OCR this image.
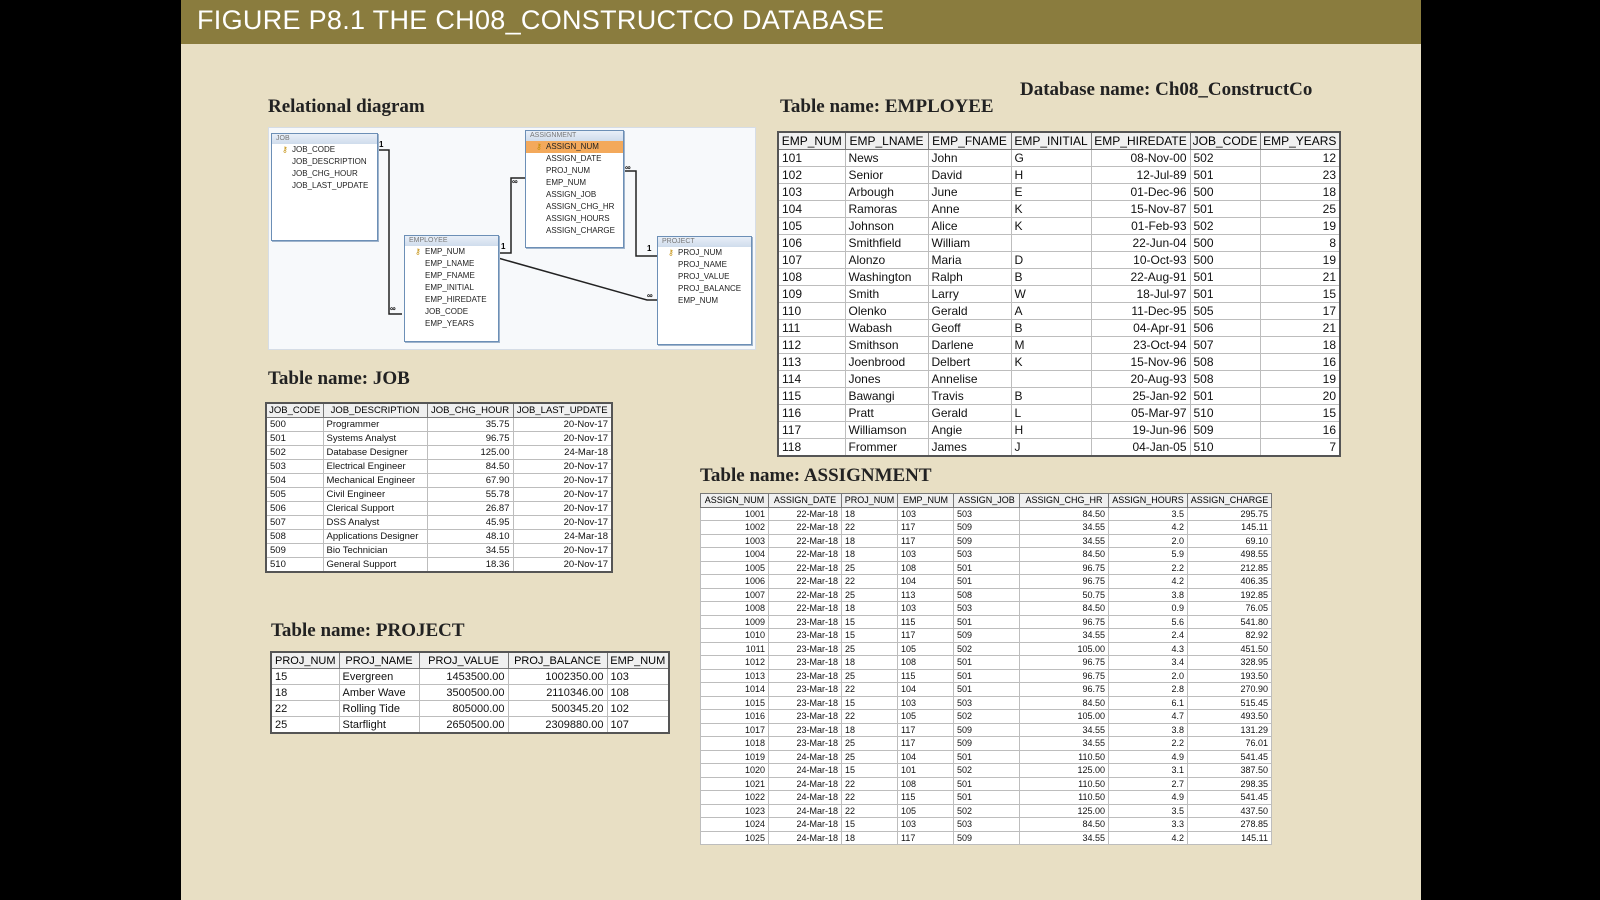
FIGURE P8.1 THE CH08_CONSTRUCTCO DATABASE
Relational diagram	Table name: EMPLOYEE
Database name: Ch08_ConstructCo
Table name: JOB
Table name: PROJECT
Table name: ASSIGNMENT
1
∞
1
∞
∞
1
∞
JOB
⚷ JOB_CODE
JOB_DESCRIPTION
JOB_CHG_HOUR
JOB_LAST_UPDATE
ASSIGNMENT
⚷ ASSIGN_NUM
ASSIGN_DATE
PROJ_NUM
EMP_NUM
ASSIGN_JOB
ASSIGN_CHG_HR
ASSIGN_HOURS
ASSIGN_CHARGE
EMPLOYEE
⚷ EMP_NUM
EMP_LNAME
EMP_FNAME
EMP_INITIAL
EMP_HIREDATE
JOB_CODE
EMP_YEARS
PROJECT
⚷ PROJ_NUM
PROJ_NAME
PROJ_VALUE
PROJ_BALANCE
EMP_NUM
EMP_NUM	EMP_LNAME	EMP_FNAME	EMP_INITIAL	EMP_HIREDATE	JOB_CODE	EMP_YEARS
101	News	John	G	08-Nov-00	502	12
102	Senior	David	H	12-Jul-89	501	23
103	Arbough	June	E	01-Dec-96	500	18
104	Ramoras	Anne	K	15-Nov-87	501	25
105	Johnson	Alice	K	01-Feb-93	502	19
106	Smithfield	William		22-Jun-04	500	8
107	Alonzo	Maria	D	10-Oct-93	500	19
108	Washington	Ralph	B	22-Aug-91	501	21
109	Smith	Larry	W	18-Jul-97	501	15
110	Olenko	Gerald	A	11-Dec-95	505	17
111	Wabash	Geoff	B	04-Apr-91	506	21
112	Smithson	Darlene	M	23-Oct-94	507	18
113	Joenbrood	Delbert	K	15-Nov-96	508	16
114	Jones	Annelise		20-Aug-93	508	19
115	Bawangi	Travis	B	25-Jan-92	501	20
116	Pratt	Gerald	L	05-Mar-97	510	15
117	Williamson	Angie	H	19-Jun-96	509	16
118	Frommer	James	J	04-Jan-05	510	7
JOB_CODE	JOB_DESCRIPTION	JOB_CHG_HOUR	JOB_LAST_UPDATE
500	Programmer	35.75	20-Nov-17
501	Systems Analyst	96.75	20-Nov-17
502	Database Designer	125.00	24-Mar-18
503	Electrical Engineer	84.50	20-Nov-17
504	Mechanical Engineer	67.90	20-Nov-17
505	Civil Engineer	55.78	20-Nov-17
506	Clerical Support	26.87	20-Nov-17
507	DSS Analyst	45.95	20-Nov-17
508	Applications Designer	48.10	24-Mar-18
509	Bio Technician	34.55	20-Nov-17
510	General Support	18.36	20-Nov-17
PROJ_NUM	PROJ_NAME	PROJ_VALUE	PROJ_BALANCE	EMP_NUM
15	Evergreen	1453500.00	1002350.00	103
18	Amber Wave	3500500.00	2110346.00	108
22	Rolling Tide	805000.00	500345.20	102
25	Starflight	2650500.00	2309880.00	107
ASSIGN_NUM	ASSIGN_DATE	PROJ_NUM	EMP_NUM	ASSIGN_JOB	ASSIGN_CHG_HR	ASSIGN_HOURS	ASSIGN_CHARGE
1001	22-Mar-18	18	103	503	84.50	3.5	295.75
1002	22-Mar-18	22	117	509	34.55	4.2	145.11
1003	22-Mar-18	18	117	509	34.55	2.0	69.10
1004	22-Mar-18	18	103	503	84.50	5.9	498.55
1005	22-Mar-18	25	108	501	96.75	2.2	212.85
1006	22-Mar-18	22	104	501	96.75	4.2	406.35
1007	22-Mar-18	25	113	508	50.75	3.8	192.85
1008	22-Mar-18	18	103	503	84.50	0.9	76.05
1009	23-Mar-18	15	115	501	96.75	5.6	541.80
1010	23-Mar-18	15	117	509	34.55	2.4	82.92
1011	23-Mar-18	25	105	502	105.00	4.3	451.50
1012	23-Mar-18	18	108	501	96.75	3.4	328.95
1013	23-Mar-18	25	115	501	96.75	2.0	193.50
1014	23-Mar-18	22	104	501	96.75	2.8	270.90
1015	23-Mar-18	15	103	503	84.50	6.1	515.45
1016	23-Mar-18	22	105	502	105.00	4.7	493.50
1017	23-Mar-18	18	117	509	34.55	3.8	131.29
1018	23-Mar-18	25	117	509	34.55	2.2	76.01
1019	24-Mar-18	25	104	501	110.50	4.9	541.45
1020	24-Mar-18	15	101	502	125.00	3.1	387.50
1021	24-Mar-18	22	108	501	110.50	2.7	298.35
1022	24-Mar-18	22	115	501	110.50	4.9	541.45
1023	24-Mar-18	22	105	502	125.00	3.5	437.50
1024	24-Mar-18	15	103	503	84.50	3.3	278.85
1025	24-Mar-18	18	117	509	34.55	4.2	145.11
